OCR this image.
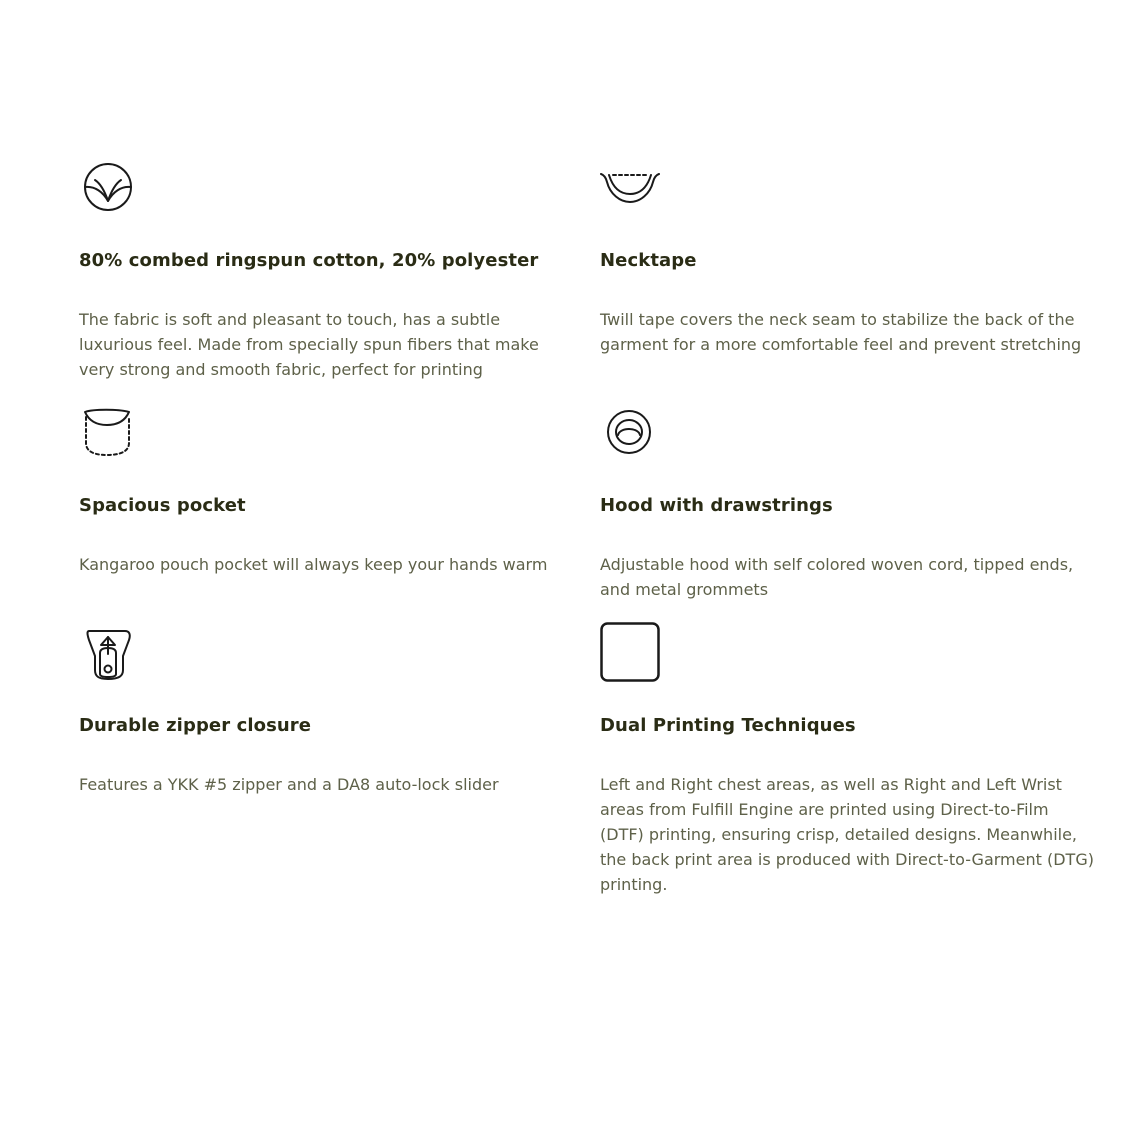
80% combed ringspun cotton, 20% polyester

The fabric is soft and pleasant to touch, has a subtle luxurious feel. Made from specially spun fibers that make very strong and smooth fabric, perfect for printing

Necktape

Twill tape covers the neck seam to stabilize the back of the garment for a more comfortable feel and prevent stretching

Spacious pocket

Kangaroo pouch pocket will always keep your hands warm

Hood with drawstrings

Adjustable hood with self colored woven cord, tipped ends, and metal grommets

Durable zipper closure

Features a YKK #5 zipper and a DA8 auto-lock slider

Dual Printing Techniques

Left and Right chest areas, as well as Right and Left Wrist areas from Fulfill Engine are printed using Direct-to-Film (DTF) printing, ensuring crisp, detailed designs. Meanwhile, the back print area is produced with Direct-to-Garment (DTG) printing.
